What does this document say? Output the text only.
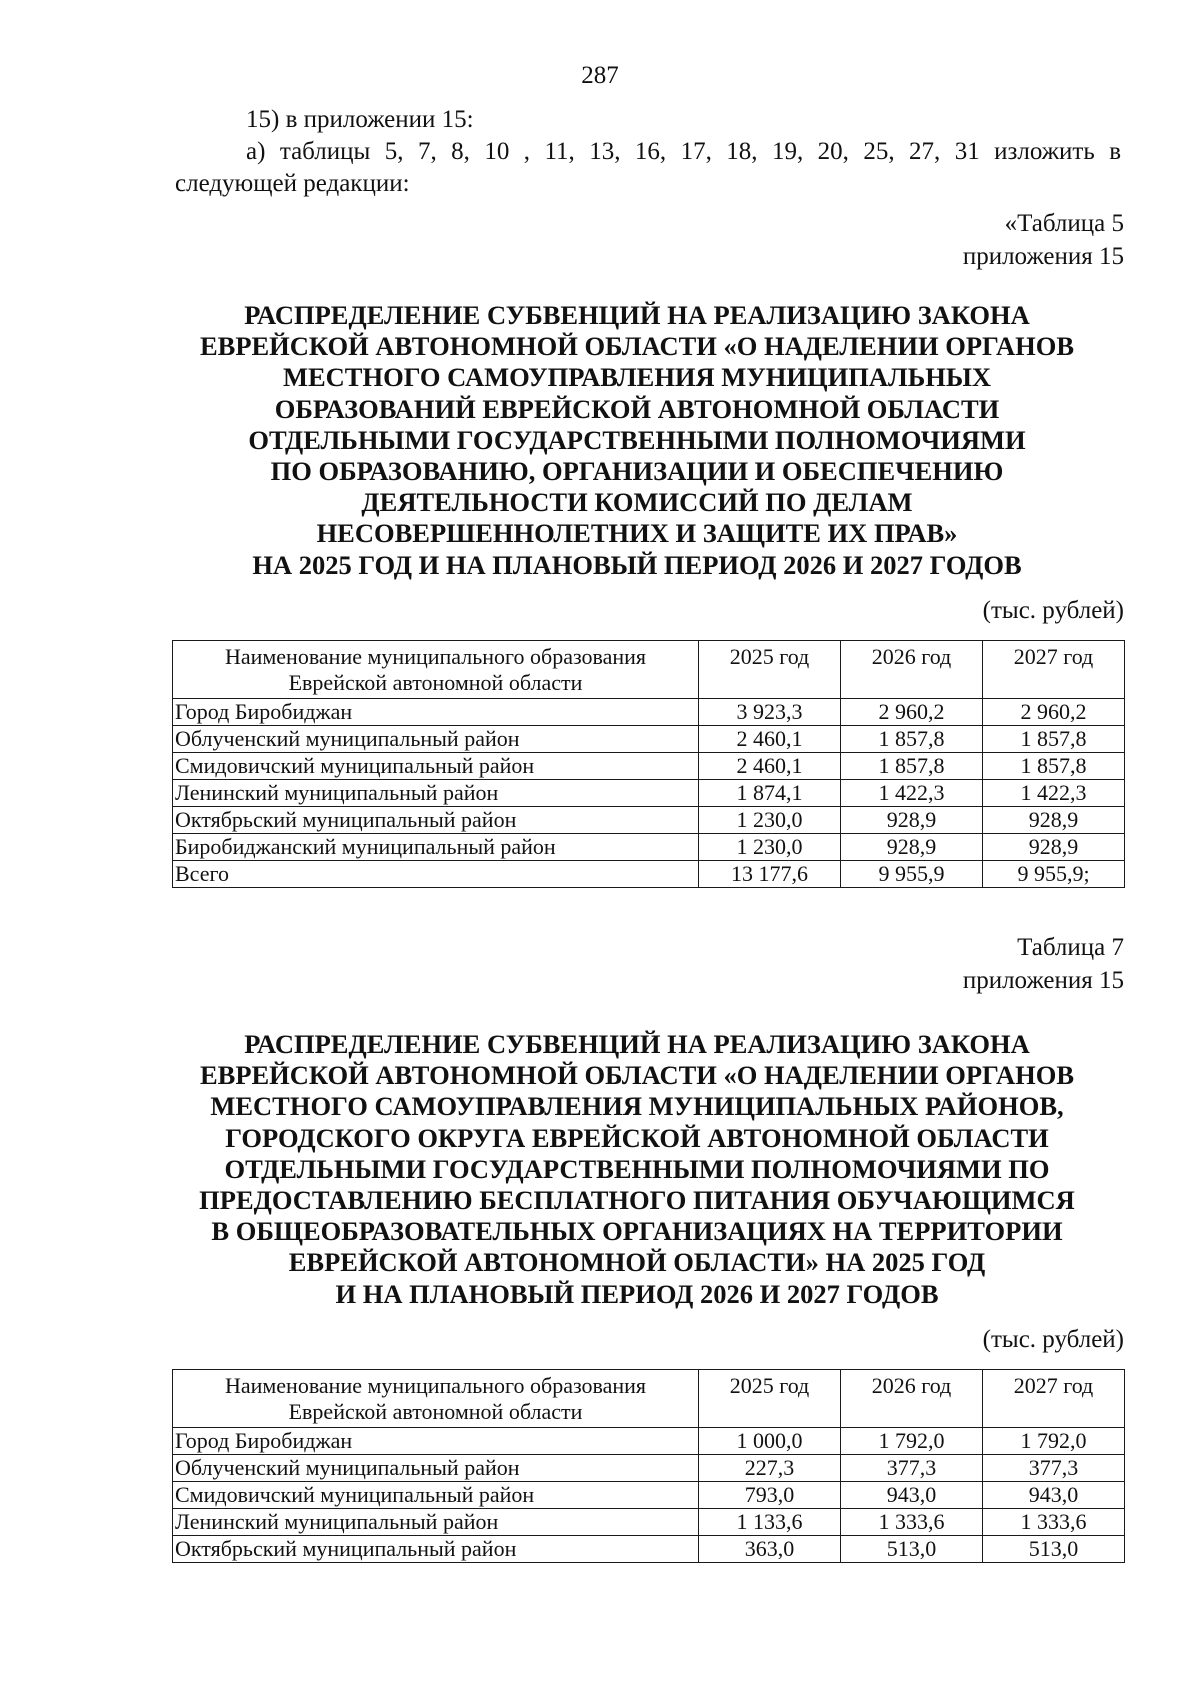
287
15) в приложении 15:
а) таблицы 5, 7, 8, 10 , 11, 13, 16, 17, 18, 19, 20, 25, 27, 31 изложить в
следующей редакции:
«Таблица 5
приложения 15
РАСПРЕДЕЛЕНИЕ СУБВЕНЦИЙ НА РЕАЛИЗАЦИЮ ЗАКОНА
ЕВРЕЙСКОЙ АВТОНОМНОЙ ОБЛАСТИ «О НАДЕЛЕНИИ ОРГАНОВ
МЕСТНОГО САМОУПРАВЛЕНИЯ МУНИЦИПАЛЬНЫХ
ОБРАЗОВАНИЙ ЕВРЕЙСКОЙ АВТОНОМНОЙ ОБЛАСТИ
ОТДЕЛЬНЫМИ ГОСУДАРСТВЕННЫМИ ПОЛНОМОЧИЯМИ
ПО ОБРАЗОВАНИЮ, ОРГАНИЗАЦИИ И ОБЕСПЕЧЕНИЮ
ДЕЯТЕЛЬНОСТИ КОМИССИЙ ПО ДЕЛАМ
НЕСОВЕРШЕННОЛЕТНИХ И ЗАЩИТЕ ИХ ПРАВ»
НА 2025 ГОД И НА ПЛАНОВЫЙ ПЕРИОД 2026 И 2027 ГОДОВ
(тыс. рублей)
Наименование муниципального образования
Еврейской автономной области	2025 год	2026 год	2027 год
Город Биробиджан	3 923,3	2 960,2	2 960,2
Облученский муниципальный район	2 460,1	1 857,8	1 857,8
Смидовичский муниципальный район	2 460,1	1 857,8	1 857,8
Ленинский муниципальный район	1 874,1	1 422,3	1 422,3
Октябрьский муниципальный район	1 230,0	928,9	928,9
Биробиджанский муниципальный район	1 230,0	928,9	928,9
Всего	13 177,6	9 955,9	9 955,9;
Таблица 7
приложения 15
РАСПРЕДЕЛЕНИЕ СУБВЕНЦИЙ НА РЕАЛИЗАЦИЮ ЗАКОНА
ЕВРЕЙСКОЙ АВТОНОМНОЙ ОБЛАСТИ «О НАДЕЛЕНИИ ОРГАНОВ
МЕСТНОГО САМОУПРАВЛЕНИЯ МУНИЦИПАЛЬНЫХ РАЙОНОВ,
ГОРОДСКОГО ОКРУГА ЕВРЕЙСКОЙ АВТОНОМНОЙ ОБЛАСТИ
ОТДЕЛЬНЫМИ ГОСУДАРСТВЕННЫМИ ПОЛНОМОЧИЯМИ ПО
ПРЕДОСТАВЛЕНИЮ БЕСПЛАТНОГО ПИТАНИЯ ОБУЧАЮЩИМСЯ
В ОБЩЕОБРАЗОВАТЕЛЬНЫХ ОРГАНИЗАЦИЯХ НА ТЕРРИТОРИИ
ЕВРЕЙСКОЙ АВТОНОМНОЙ ОБЛАСТИ» НА 2025 ГОД
И НА ПЛАНОВЫЙ ПЕРИОД 2026 И 2027 ГОДОВ
(тыс. рублей)
Наименование муниципального образования
Еврейской автономной области	2025 год	2026 год	2027 год
Город Биробиджан	1 000,0	1 792,0	1 792,0
Облученский муниципальный район	227,3	377,3	377,3
Смидовичский муниципальный район	793,0	943,0	943,0
Ленинский муниципальный район	1 133,6	1 333,6	1 333,6
Октябрьский муниципальный район	363,0	513,0	513,0
